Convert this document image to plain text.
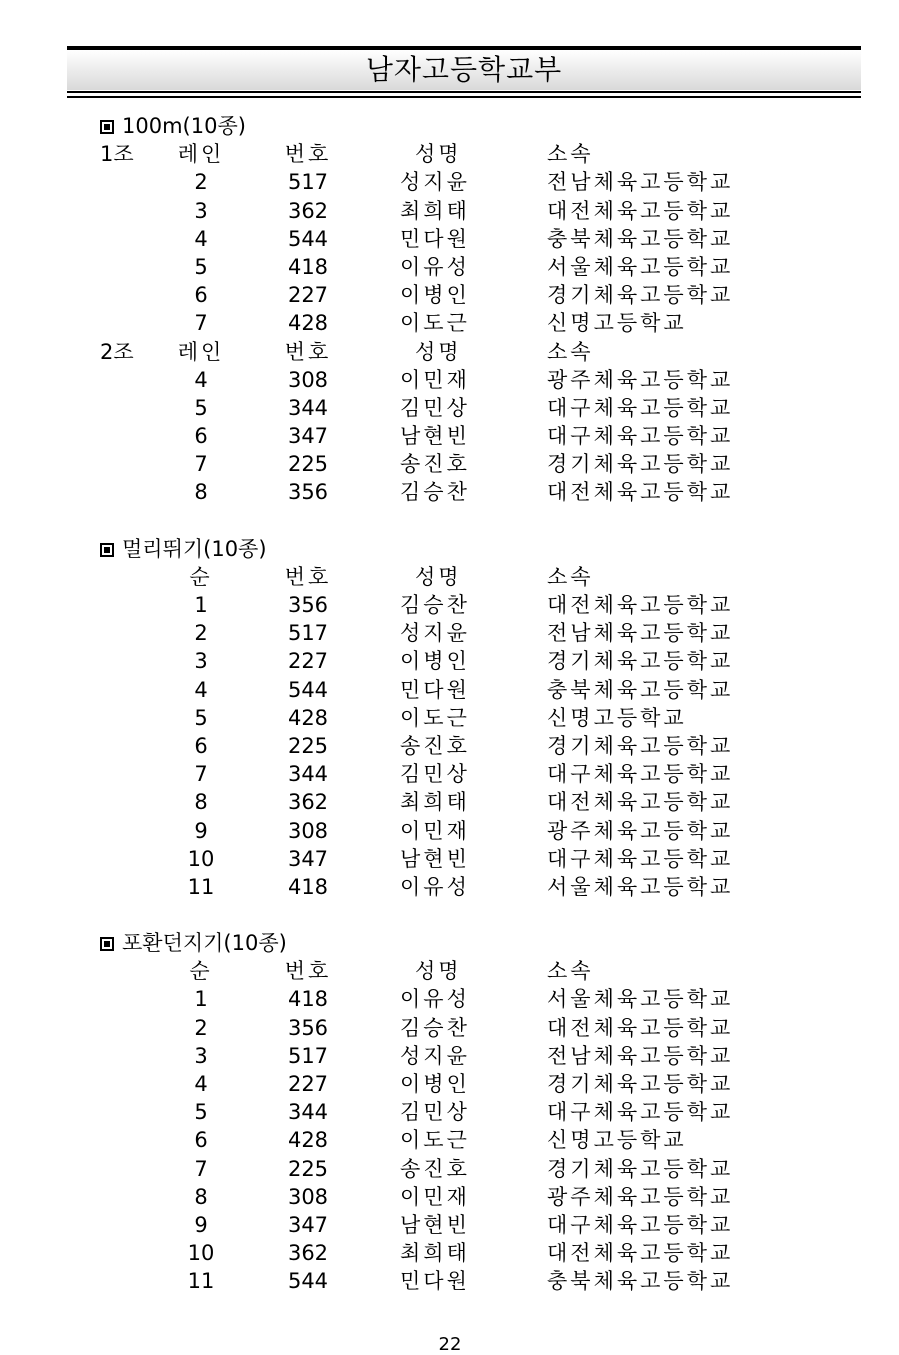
남자고등학교부
100m(10종)
1조 레인	번호	성명	소속
2	517	성지윤	전남체육고등학교
3	362	최희태	대전체육고등학교
4	544	민다원	충북체육고등학교
5	418	이유성	서울체육고등학교
6	227	이병인	경기체육고등학교
7	428	이도근	신명고등학교
2조 레인	번호	성명	소속
4	308	이민재	광주체육고등학교
5	344	김민상	대구체육고등학교
6	347	남현빈	대구체육고등학교
7	225	송진호	경기체육고등학교
8	356	김승찬	대전체육고등학교
멀리뛰기(10종)
순	번호	성명	소속
1	356	김승찬	대전체육고등학교
2	517	성지윤	전남체육고등학교
3	227	이병인	경기체육고등학교
4	544	민다원	충북체육고등학교
5	428	이도근	신명고등학교
6	225	송진호	경기체육고등학교
7	344	김민상	대구체육고등학교
8	362	최희태	대전체육고등학교
9	308	이민재	광주체육고등학교
10	347	남현빈	대구체육고등학교
11	418	이유성	서울체육고등학교
포환던지기(10종)
순	번호	성명	소속
1	418	이유성	서울체육고등학교
2	356	김승찬	대전체육고등학교
3	517	성지윤	전남체육고등학교
4	227	이병인	경기체육고등학교
5	344	김민상	대구체육고등학교
6	428	이도근	신명고등학교
7	225	송진호	경기체육고등학교
8	308	이민재	광주체육고등학교
9	347	남현빈	대구체육고등학교
10	362	최희태	대전체육고등학교
11	544	민다원	충북체육고등학교
22
